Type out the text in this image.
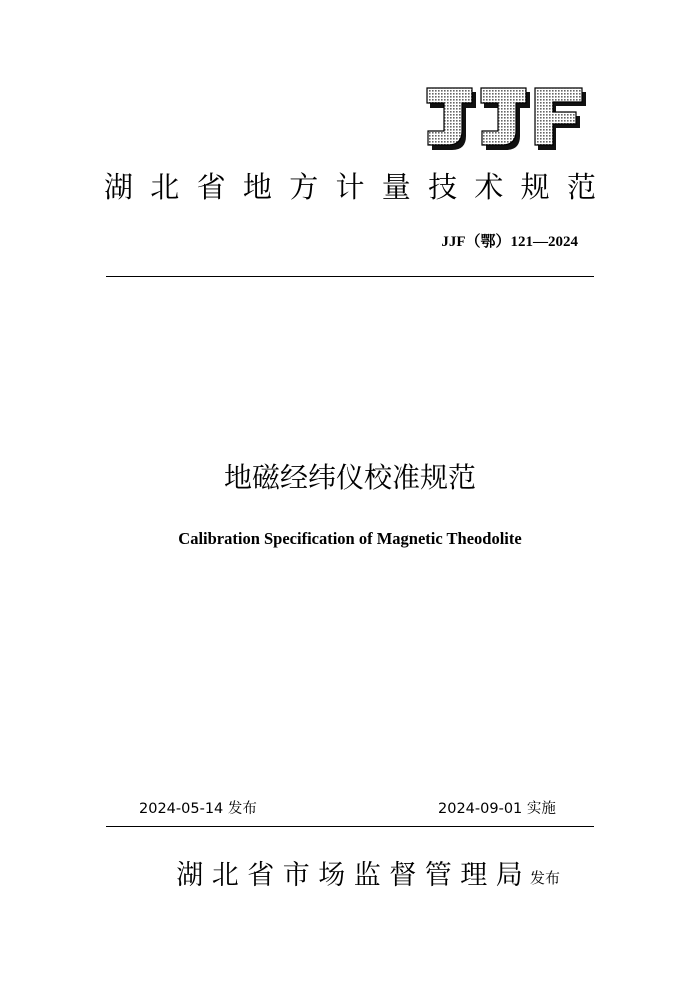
湖 北 省 地 方 计 量 技 术 规 范
JJF（鄂）121—2024
地磁经纬仪校准规范
Calibration Specification of Magnetic Theodolite
2024-05-14 发布	2024-09-01 实施
湖 北 省 市 场 监 督 管 理 局 发布
